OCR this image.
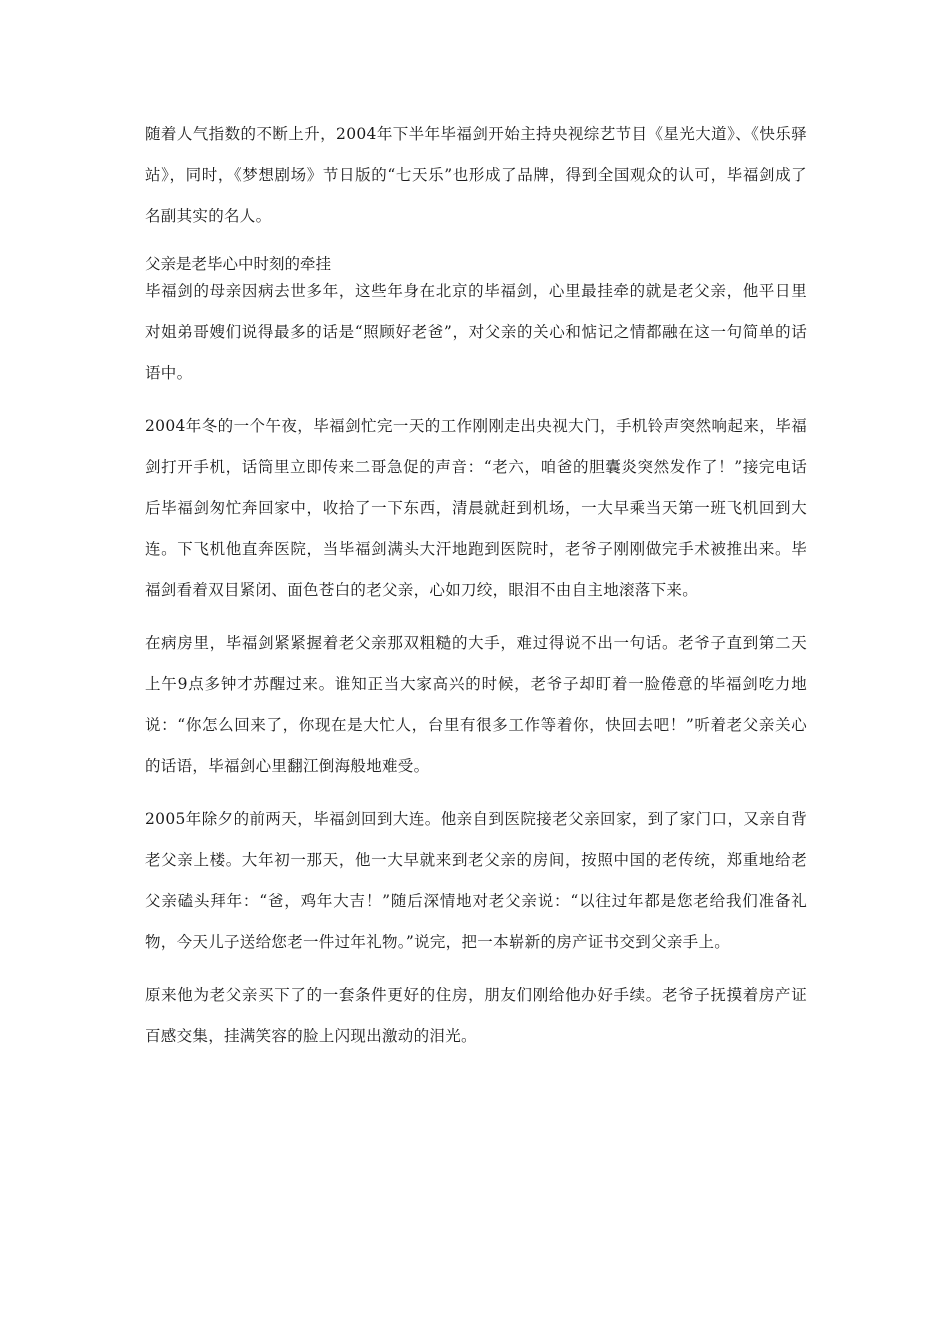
随着人气指数的不断上升，2004年下半年毕福剑开始主持央视综艺节目《星光大道》、《快乐驿站》，同时，《梦想剧场》节日版的“七天乐”也形成了品牌，得到全国观众的认可，毕福剑成了名副其实的名人。

父亲是老毕心中时刻的牵挂

毕福剑的母亲因病去世多年，这些年身在北京的毕福剑，心里最挂牵的就是老父亲，他平日里对姐弟哥嫂们说得最多的话是“照顾好老爸”，对父亲的关心和惦记之情都融在这一句简单的话语中。

2004年冬的一个午夜，毕福剑忙完一天的工作刚刚走出央视大门，手机铃声突然响起来，毕福剑打开手机，话筒里立即传来二哥急促的声音：“老六，咱爸的胆囊炎突然发作了！”接完电话后毕福剑匆忙奔回家中，收拾了一下东西，清晨就赶到机场，一大早乘当天第一班飞机回到大连。下飞机他直奔医院，当毕福剑满头大汗地跑到医院时，老爷子刚刚做完手术被推出来。毕福剑看着双目紧闭、面色苍白的老父亲，心如刀绞，眼泪不由自主地滚落下来。

在病房里，毕福剑紧紧握着老父亲那双粗糙的大手，难过得说不出一句话。老爷子直到第二天上午9点多钟才苏醒过来。谁知正当大家高兴的时候，老爷子却盯着一脸倦意的毕福剑吃力地说：“你怎么回来了，你现在是大忙人，台里有很多工作等着你，快回去吧！”听着老父亲关心的话语，毕福剑心里翻江倒海般地难受。

2005年除夕的前两天，毕福剑回到大连。他亲自到医院接老父亲回家，到了家门口，又亲自背老父亲上楼。大年初一那天，他一大早就来到老父亲的房间，按照中国的老传统，郑重地给老父亲磕头拜年：“爸，鸡年大吉！”随后深情地对老父亲说：“以往过年都是您老给我们准备礼物，今天儿子送给您老一件过年礼物。”说完，把一本崭新的房产证书交到父亲手上。

原来他为老父亲买下了的一套条件更好的住房，朋友们刚给他办好手续。老爷子抚摸着房产证百感交集，挂满笑容的脸上闪现出激动的泪光。
